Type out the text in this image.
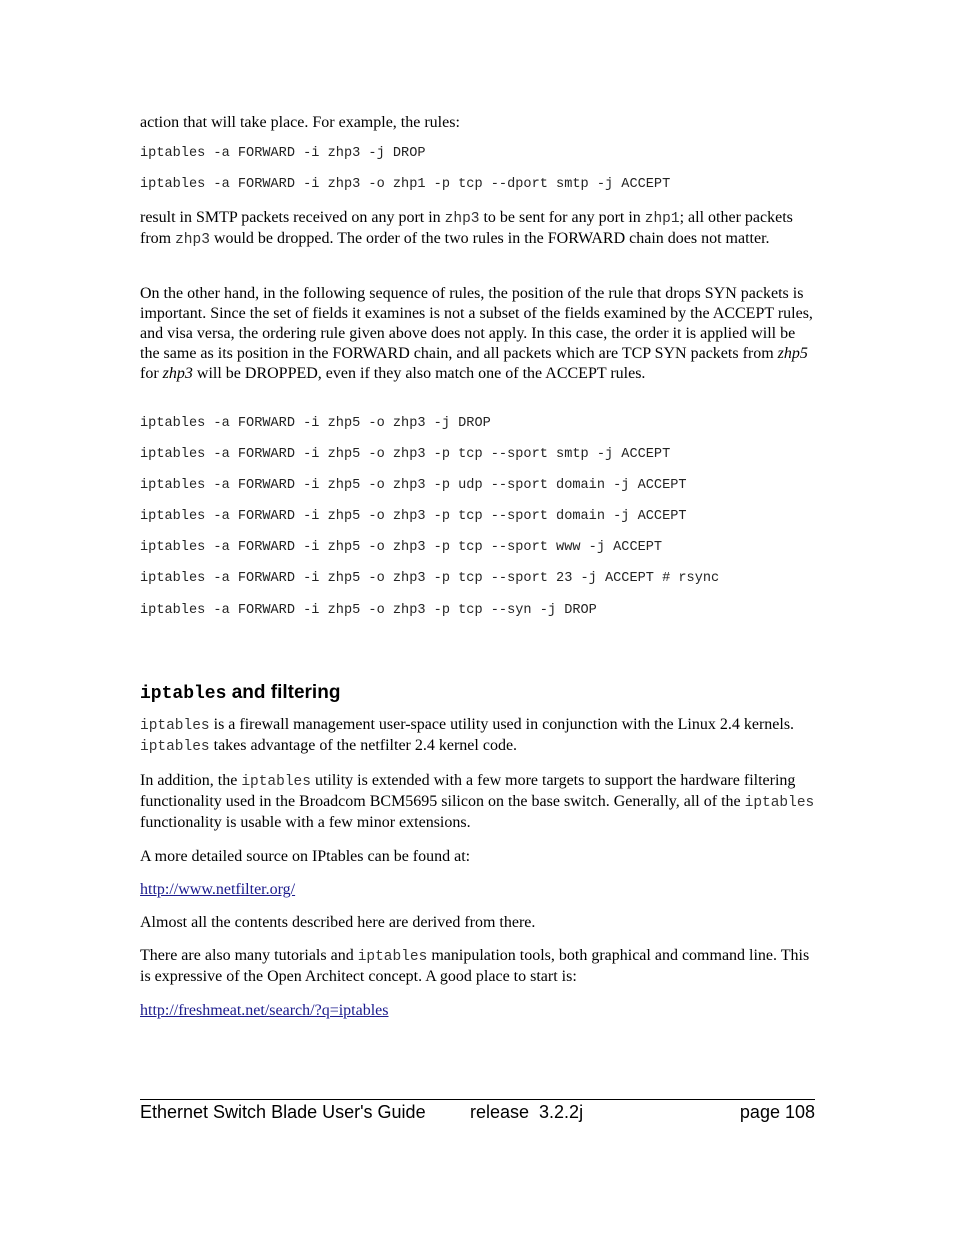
action that will take place. For example, the rules:

iptables -a FORWARD -i zhp3 -j DROP
iptables -a FORWARD -i zhp3 -o zhp1 -p tcp --dport smtp -j ACCEPT

result in SMTP packets received on any port in zhp3 to be sent for any port in zhp1; all other packets from zhp3 would be dropped. The order of the two rules in the FORWARD chain does not matter.

On the other hand, in the following sequence of rules, the position of the rule that drops SYN packets is important. Since the set of fields it examines is not a subset of the fields examined by the ACCEPT rules, and visa versa, the ordering rule given above does not apply. In this case, the order it is applied will be the same as its position in the FORWARD chain, and all packets which are TCP SYN packets from zhp5 for zhp3 will be DROPPED, even if they also match one of the ACCEPT rules.

iptables -a FORWARD -i zhp5 -o zhp3 -j DROP
iptables -a FORWARD -i zhp5 -o zhp3 -p tcp --sport smtp -j ACCEPT
iptables -a FORWARD -i zhp5 -o zhp3 -p udp --sport domain -j ACCEPT
iptables -a FORWARD -i zhp5 -o zhp3 -p tcp --sport domain -j ACCEPT
iptables -a FORWARD -i zhp5 -o zhp3 -p tcp --sport www -j ACCEPT
iptables -a FORWARD -i zhp5 -o zhp3 -p tcp --sport 23 -j ACCEPT # rsync
iptables -a FORWARD -i zhp5 -o zhp3 -p tcp --syn -j DROP
iptables and filtering

iptables is a firewall management user-space utility used in conjunction with the Linux 2.4 kernels. iptables takes advantage of the netfilter 2.4 kernel code.

In addition, the iptables utility is extended with a few more targets to support the hardware filtering functionality used in the Broadcom BCM5695 silicon on the base switch. Generally, all of the iptables functionality is usable with a few minor extensions.

A more detailed source on IPtables can be found at:

http://www.netfilter.org/

Almost all the contents described here are derived from there.

There are also many tutorials and iptables manipulation tools, both graphical and command line. This is expressive of the Open Architect concept. A good place to start is:

http://freshmeat.net/search/?q=iptables

Ethernet Switch Blade User's Guide release  3.2.2j	page 108
